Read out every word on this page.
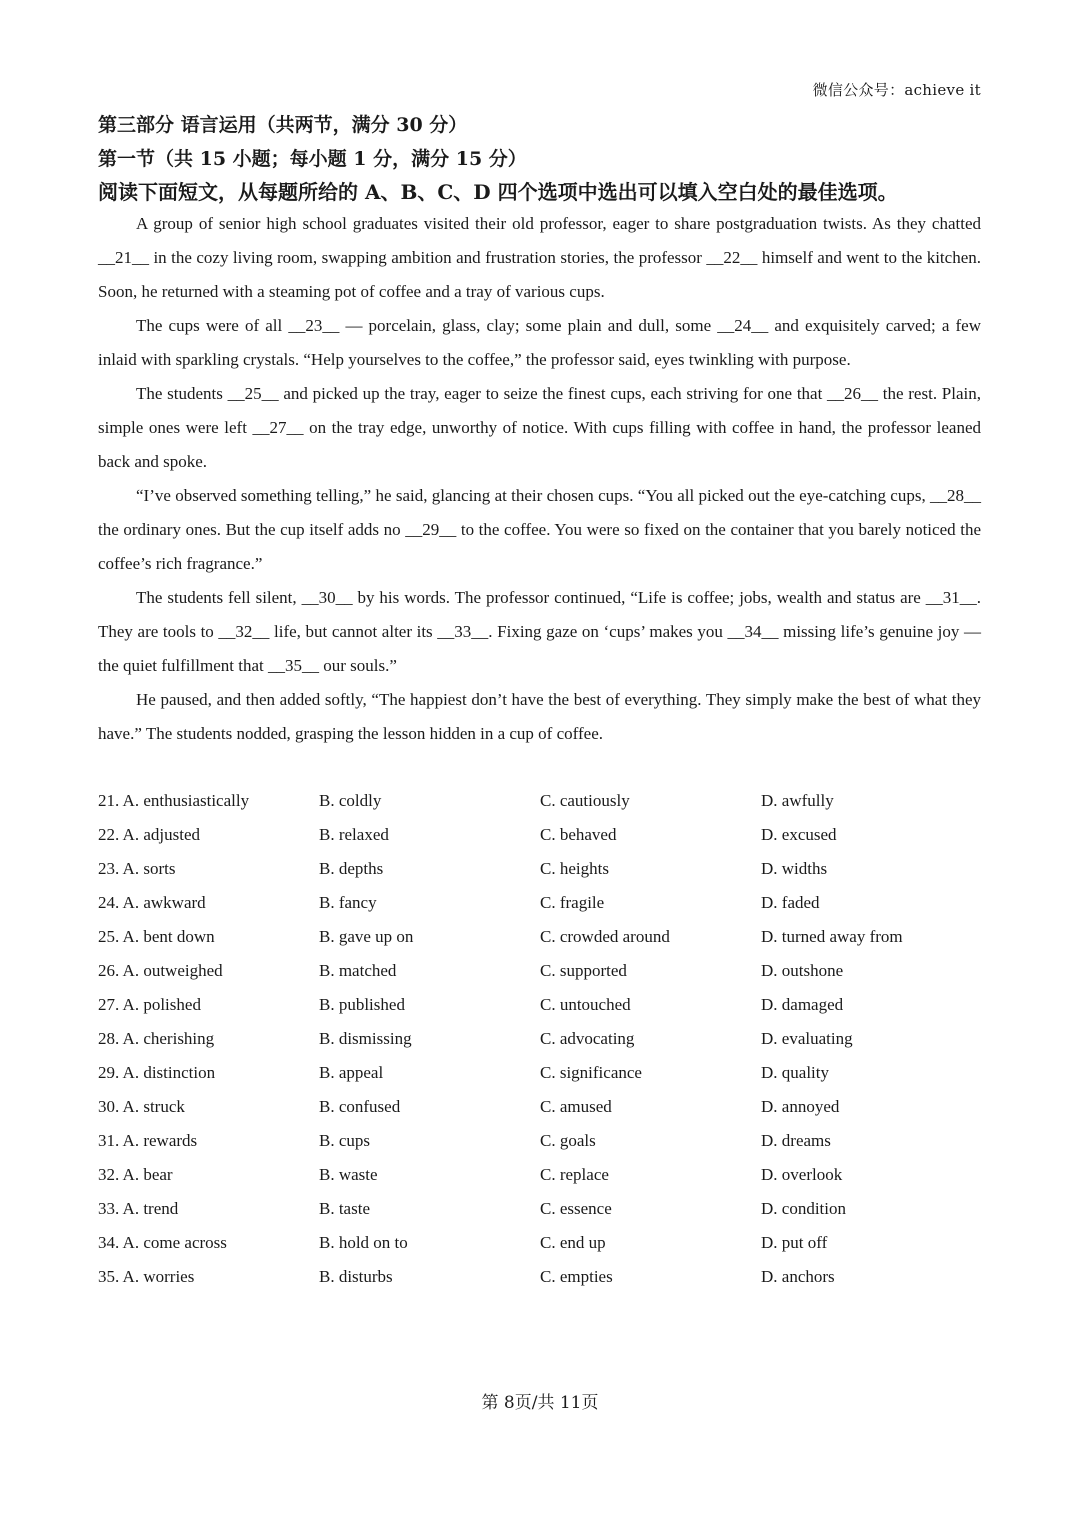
微信公众号：achieve it
第三部分 语言运用（共两节，满分 30 分）
第一节（共 15 小题；每小题 1 分，满分 15 分）
阅读下面短文，从每题所给的 A、B、C、D 四个选项中选出可以填入空白处的最佳选项。

A group of senior high school graduates visited their old professor, eager to share postgraduation twists. As they chatted __21__ in the cozy living room, swapping ambition and frustration stories, the professor __22__ himself and went to the kitchen. Soon, he returned with a steaming pot of coffee and a tray of various cups.

The cups were of all __23__ — porcelain, glass, clay; some plain and dull, some __24__ and exquisitely carved; a few inlaid with sparkling crystals. “Help yourselves to the coffee,” the professor said, eyes twinkling with purpose.

The students __25__ and picked up the tray, eager to seize the finest cups, each striving for one that __26__ the rest. Plain, simple ones were left __27__ on the tray edge, unworthy of notice. With cups filling with coffee in hand, the professor leaned back and spoke.

“I’ve observed something telling,” he said, glancing at their chosen cups. “You all picked out the eye-catching cups, __28__ the ordinary ones. But the cup itself adds no __29__ to the coffee. You were so fixed on the container that you barely noticed the coffee’s rich fragrance.”

The students fell silent, __30__ by his words. The professor continued, “Life is coffee; jobs, wealth and status are __31__. They are tools to __32__ life, but cannot alter its __33__. Fixing gaze on ‘cups’ makes you __34__ missing life’s genuine joy — the quiet fulfillment that __35__ our souls.”

He paused, and then added softly, “The happiest don’t have the best of everything. They simply make the best of what they have.” The students nodded, grasping the lesson hidden in a cup of coffee.

21. A. enthusiastically	B. coldly	C. cautiously	D. awfully
22. A. adjusted	B. relaxed	C. behaved	D. excused
23. A. sorts	B. depths	C. heights	D. widths
24. A. awkward	B. fancy	C. fragile	D. faded
25. A. bent down	B. gave up on	C. crowded around	D. turned away from
26. A. outweighed	B. matched	C. supported	D. outshone
27. A. polished	B. published	C. untouched	D. damaged
28. A. cherishing	B. dismissing	C. advocating	D. evaluating
29. A. distinction	B. appeal	C. significance	D. quality
30. A. struck	B. confused	C. amused	D. annoyed
31. A. rewards	B. cups	C. goals	D. dreams
32. A. bear	B. waste	C. replace	D. overlook
33. A. trend	B. taste	C. essence	D. condition
34. A. come across	B. hold on to	C. end up	D. put off
35. A. worries	B. disturbs	C. empties	D. anchors
第 8页/共 11页
